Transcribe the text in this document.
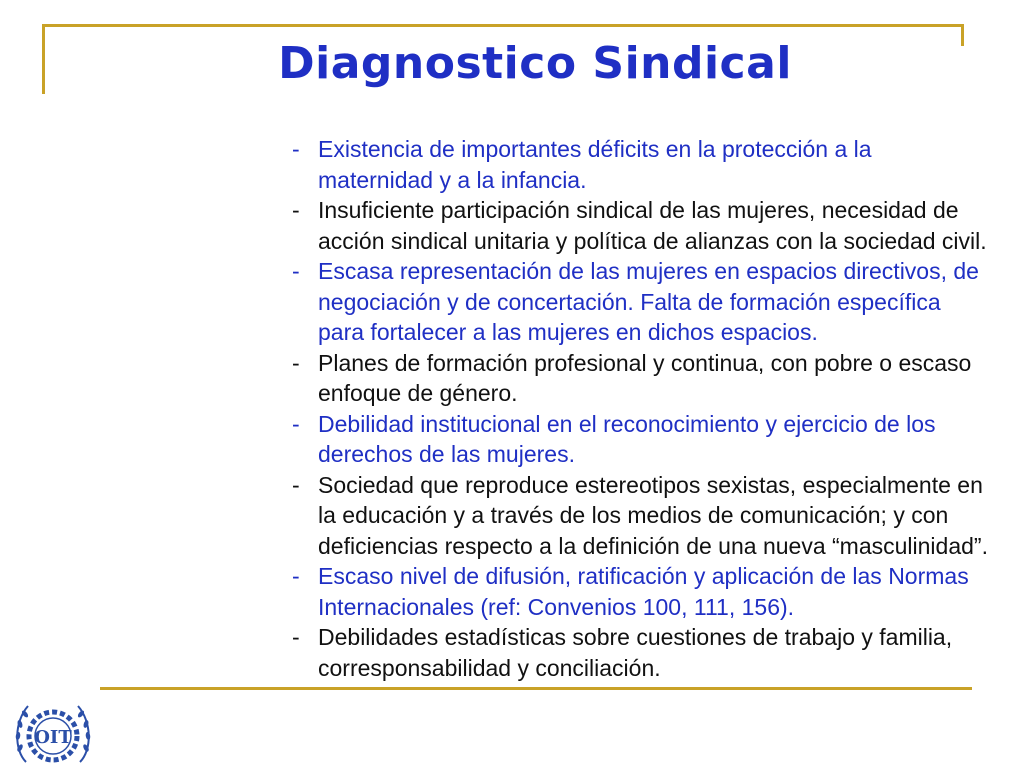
Diagnostico Sindical
- Existencia de importantes déficits en la protección a la maternidad y a la infancia.
- Insuficiente participación sindical de las mujeres, necesidad de acción sindical unitaria y política de alianzas con la sociedad civil.
- Escasa representación de las mujeres en espacios directivos, de negociación y de concertación. Falta de formación específica para fortalecer a las mujeres en dichos espacios.
- Planes de formación profesional y continua, con pobre o escaso enfoque de género.
- Debilidad institucional en el reconocimiento y ejercicio de los derechos de las mujeres.
- Sociedad que reproduce estereotipos sexistas, especialmente en la educación y a través de los medios de comunicación; y con deficiencias respecto a la definición de una nueva “masculinidad”.
- Escaso nivel de difusión, ratificación y aplicación de las Normas Internacionales (ref: Convenios 100, 111, 156).
- Debilidades estadísticas sobre cuestiones de trabajo y familia, corresponsabilidad y conciliación.
OIT
